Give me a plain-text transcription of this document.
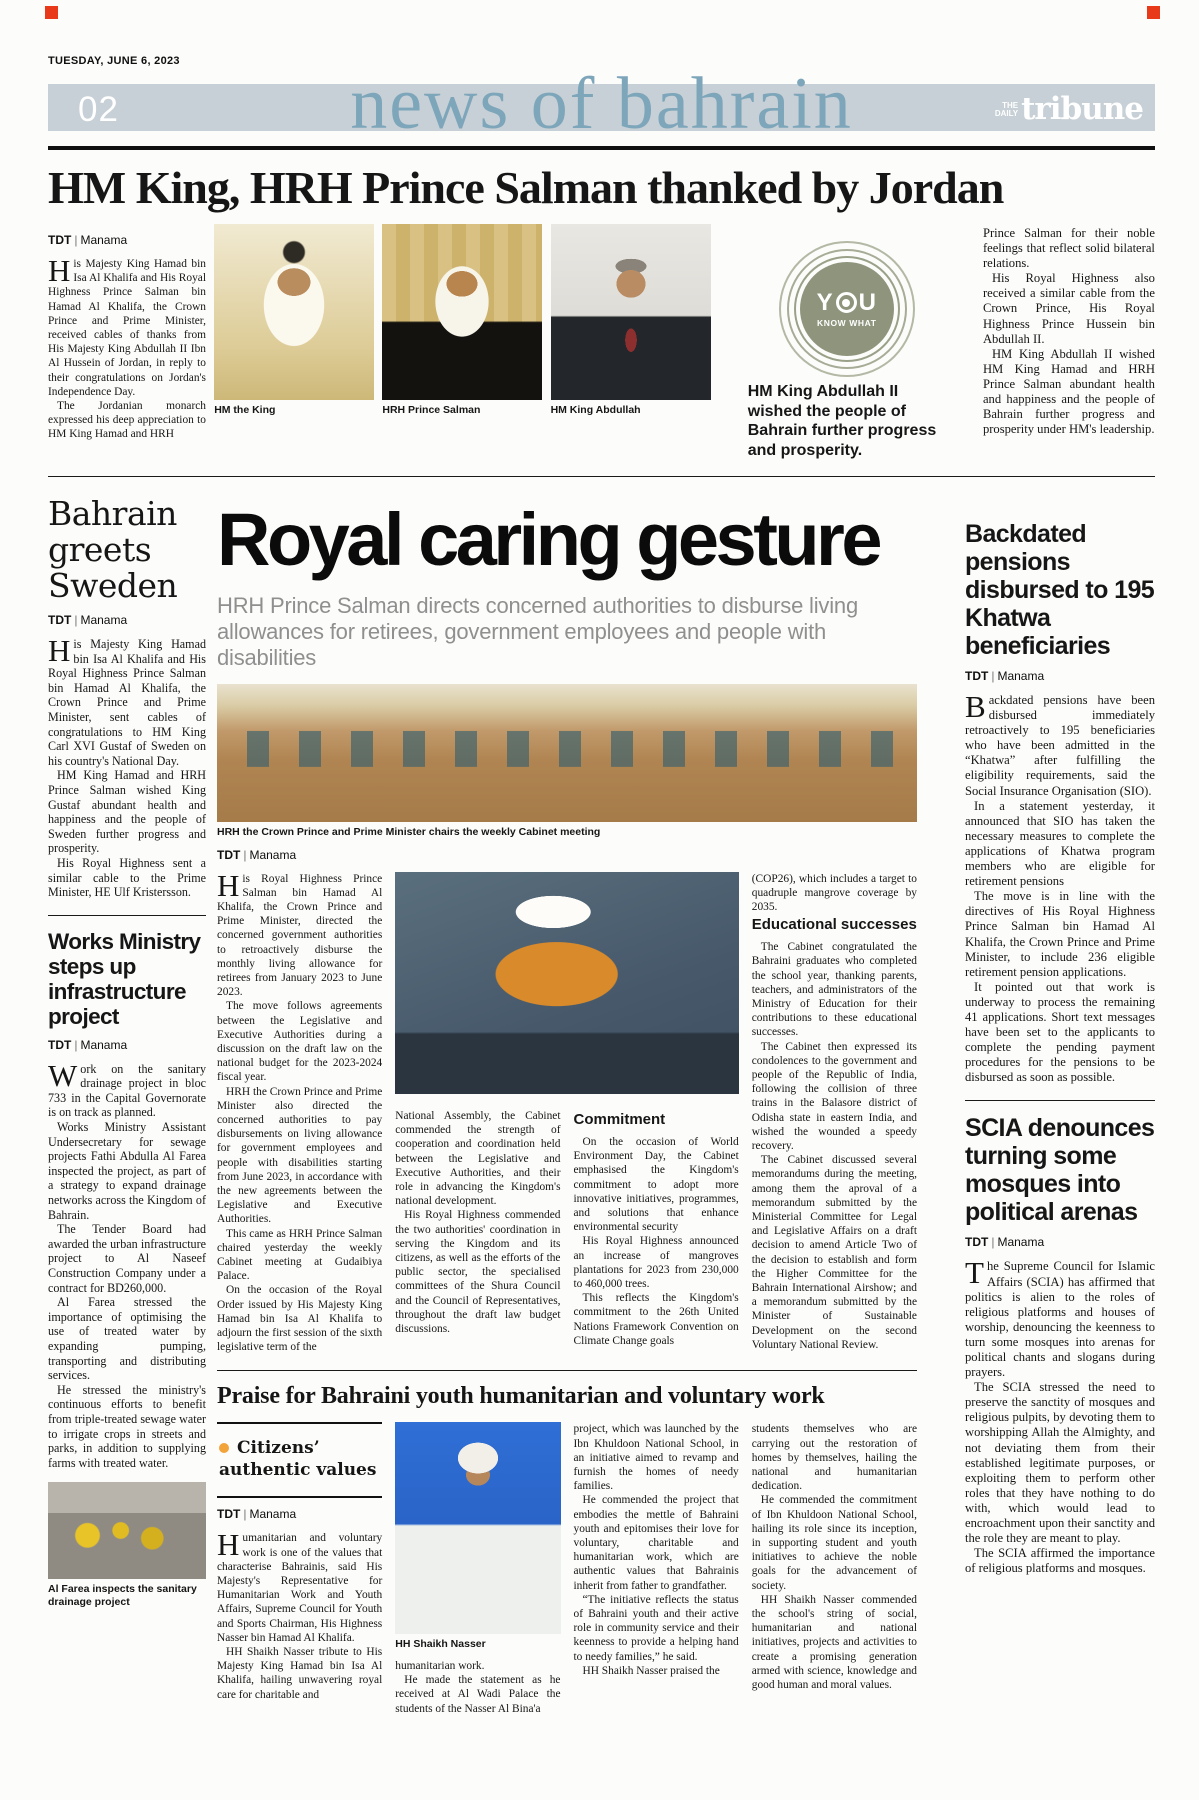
TUESDAY, JUNE 6, 2023
02	news of bahrain	THE
DAILY tribune
HM King, HRH Prince Salman thanked by Jordan
TDT | Manama

His Majesty King Hamad bin Isa Al Khalifa and His Royal Highness Prince Salman bin Hamad Al Khalifa, the Crown Prince and Prime Minister, received cables of thanks from His Majesty King Abdullah II Ibn Al Hussein of Jordan, in reply to their congratulations on Jordan's Independence Day.

The Jordanian monarch expressed his deep appreciation to HM King Hamad and HRH

HM the King	HRH Prince Salman	HM King Abdullah
Y U
KNOW WHAT
HM King Abdullah II wished the people of Bahrain further progress and prosperity.

Prince Salman for their noble feelings that reflect solid bilateral relations.

His Royal Highness also received a similar cable from the Crown Prince, His Royal Highness Prince Hussein bin Abdullah II.

HM King Abdullah II wished HM King Hamad and HRH Prince Salman abundant health and happiness and the people of Bahrain further progress and prosperity under HM's leadership.

Bahrain greets Sweden
TDT | Manama

His Majesty King Hamad bin Isa Al Khalifa and His Royal Highness Prince Salman bin Hamad Al Khalifa, the Crown Prince and Prime Minister, sent cables of congratulations to HM King Carl XVI Gustaf of Sweden on his country's National Day.

HM King Hamad and HRH Prince Salman wished King Gustaf abundant health and happiness and the people of Sweden further progress and prosperity.

His Royal Highness sent a similar cable to the Prime Minister, HE Ulf Kristersson.

Works Ministry steps up infrastructure project
TDT | Manama

Work on the sanitary drainage project in bloc 733 in the Capital Governorate is on track as planned.

Works Ministry Assistant Undersecretary for sewage projects Fathi Abdulla Al Farea inspected the project, as part of a strategy to expand drainage networks across the Kingdom of Bahrain.

The Tender Board had awarded the urban infrastructure project to Al Naseef Construction Company under a contract for BD260,000.

Al Farea stressed the importance of optimising the use of treated water by expanding pumping, transporting and distributing services.

He stressed the ministry's continuous efforts to benefit from triple-treated sewage water to irrigate crops in streets and parks, in addition to supplying farms with treated water.

Al Farea inspects the sanitary drainage project
Royal caring gesture
HRH Prince Salman directs concerned authorities to disburse living allowances for retirees, government employees and people with disabilities
HRH the Crown Prince and Prime Minister chairs the weekly Cabinet meeting
TDT | Manama

His Royal Highness Prince Salman bin Hamad Al Khalifa, the Crown Prince and Prime Minister, directed the concerned government authorities to retroactively disburse the monthly living allowance for retirees from January 2023 to June 2023.

The move follows agreements between the Legislative and Executive Authorities during a discussion on the draft law on the national budget for the 2023-2024 fiscal year.

HRH the Crown Prince and Prime Minister also directed the concerned authorities to pay disbursements on living allowance for government employees and people with disabilities starting from June 2023, in accordance with the new agreements between the Legislative and Executive Authorities.

This came as HRH Prince Salman chaired yesterday the weekly Cabinet meeting at Gudaibiya Palace.

On the occasion of the Royal Order issued by His Majesty King Hamad bin Isa Al Khalifa to adjourn the first session of the sixth legislative term of the

National Assembly, the Cabinet commended the strength of cooperation and coordination held between the Legislative and Executive Authorities, and their role in advancing the Kingdom's national development.

His Royal Highness commended the two authorities' coordination in serving the Kingdom and its citizens, as well as the efforts of the public sector, the specialised committees of the Shura Council and the Council of Representatives, throughout the draft law budget discussions.

Commitment

On the occasion of World Environment Day, the Cabinet emphasised the Kingdom's commitment to adopt more innovative initiatives, programmes, and solutions that enhance environmental security

His Royal Highness announced an increase of mangroves plantations for 2023 from 230,000 to 460,000 trees.

This reflects the Kingdom's commitment to the 26th United Nations Framework Convention on Climate Change goals

(COP26), which includes a target to quadruple mangrove coverage by 2035.

Educational successes

The Cabinet congratulated the Bahraini graduates who completed the school year, thanking parents, teachers, and administrators of the Ministry of Education for their contributions to these educational successes.

The Cabinet then expressed its condolences to the government and people of the Republic of India, following the collision of three trains in the Balasore district of Odisha state in eastern India, and wished the wounded a speedy recovery.

The Cabinet discussed several memorandums during the meeting, among them the aproval of a memorandum submitted by the Ministerial Committee for Legal and Legislative Affairs on a draft decision to amend Article Two of the decision to establish and form the Higher Committee for the Bahrain International Airshow; and a memorandum submitted by the Minister of Sustainable Development on the second Voluntary National Review.

Praise for Bahraini youth humanitarian and voluntary work
Citizens’ authentic values
TDT | Manama

Humanitarian and voluntary work is one of the values that characterise Bahrainis, said His Majesty's Representative for Humanitarian Work and Youth Affairs, Supreme Council for Youth and Sports Chairman, His Highness Nasser bin Hamad Al Khalifa.

HH Shaikh Nasser tribute to His Majesty King Hamad bin Isa Al Khalifa, hailing unwavering royal care for charitable and

HH Shaikh Nasser

humanitarian work.

He made the statement as he received at Al Wadi Palace the students of the Nasser Al Bina'a

project, which was launched by the Ibn Khuldoon National School, in an initiative aimed to revamp and furnish the homes of needy families.

He commended the project that embodies the mettle of Bahraini youth and epitomises their love for voluntary, charitable and humanitarian work, which are authentic values that Bahrainis inherit from father to grandfather.

“The initiative reflects the status of Bahraini youth and their active role in community service and their keenness to provide a helping hand to needy families,” he said.

HH Shaikh Nasser praised the

students themselves who are carrying out the restoration of homes by themselves, hailing the national and humanitarian dedication.

He commended the commitment of Ibn Khuldoon National School, hailing its role since its inception, in supporting student and youth initiatives to achieve the noble goals for the advancement of society.

HH Shaikh Nasser commended the school's string of social, humanitarian and national initiatives, projects and activities to create a promising generation armed with science, knowledge and good human and moral values.

Backdated pensions disbursed to 195 Khatwa beneficiaries
TDT | Manama

Backdated pensions have been disbursed immediately retroactively to 195 beneficiaries who have been admitted in the “Khatwa” after fulfilling the eligibility requirements, said the Social Insurance Organisation (SIO).

In a statement yesterday, it announced that SIO has taken the necessary measures to complete the applications of Khatwa program members who are eligible for retirement pensions

The move is in line with the directives of His Royal Highness Prince Salman bin Hamad Al Khalifa, the Crown Prince and Prime Minister, to include 236 eligible retirement pension applications.

It pointed out that work is underway to process the remaining 41 applications. Short text messages have been set to the applicants to complete the pending payment procedures for the pensions to be disbursed as soon as possible.

SCIA denounces turning some mosques into political arenas
TDT | Manama

The Supreme Council for Islamic Affairs (SCIA) has affirmed that politics is alien to the roles of religious platforms and houses of worship, denouncing the keenness to turn some mosques into arenas for political chants and slogans during prayers.

The SCIA stressed the need to preserve the sanctity of mosques and religious pulpits, by devoting them to worshipping Allah the Almighty, and not deviating them from their established legitimate purposes, or exploiting them to perform other roles that they have nothing to do with, which would lead to encroachment upon their sanctity and the role they are meant to play.

The SCIA affirmed the importance of religious platforms and mosques.
